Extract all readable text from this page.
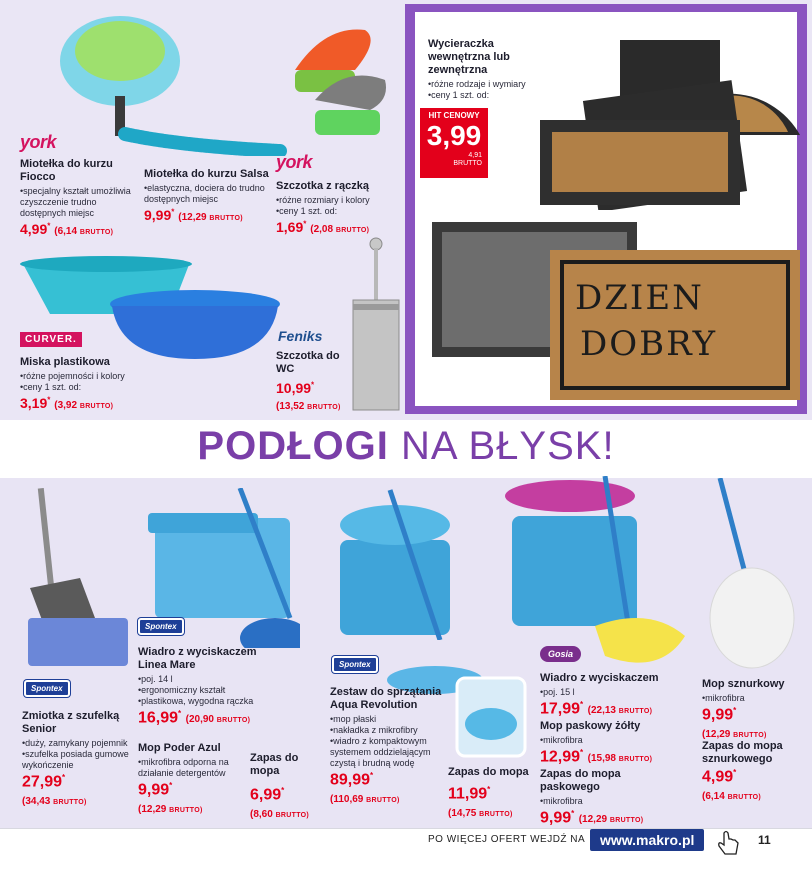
york
york
CURVER.	Feniks
Miotełka do kurzu Fiocco
• specjalny kształt umożliwia czyszczenie trudno dostępnych miejsc
4,99* (6,14 BRUTTO)
Miotełka do kurzu Salsa
• elastyczna, dociera do trudno dostępnych miejsc
9,99* (12,29 BRUTTO)
Szczotka z rączką
• różne rozmiary i kolory
• ceny 1 szt. od:
1,69* (2,08 BRUTTO)
Miska plastikowa
• różne pojemności i kolory
• ceny 1 szt. od:
3,19* (3,92 BRUTTO)
Szczotka do WC
10,99*
(13,52 BRUTTO)
Wycieraczka wewnętrzna lub zewnętrzna
• różne rodzaje i wymiary
• ceny 1 szt. od:
HIT CENOWY
3,99
4,91
BRUTTO
DZIEN
DOBRY
PODŁOGI NA BŁYSK!
Spontex
Spontex
Spontex
Gosia
Zmiotka z szufelką Senior
• duży, zamykany pojemnik
• szufelka posiada gumowe wykończenie
27,99*
(34,43 BRUTTO)
Wiadro z wyciskaczem Linea Mare
• poj. 14 l
• ergonomiczny kształt
• plastikowa, wygodna rączka
16,99* (20,90 BRUTTO)
Mop Poder Azul
• mikrofibra odporna na działanie detergentów
9,99*
(12,29 BRUTTO)
Zapas do mopa
6,99*
(8,60 BRUTTO)
Zestaw do sprzątania Aqua Revolution
• mop płaski
• nakładka z mikrofibry
• wiadro z kompaktowym systemem oddzielającym czystą i brudną wodę
89,99*
(110,69 BRUTTO)
Zapas do mopa
11,99*
(14,75 BRUTTO)
Wiadro z wyciskaczem
• poj. 15 l
17,99* (22,13 BRUTTO)
Mop paskowy żółty
• mikrofibra
12,99* (15,98 BRUTTO)
Zapas do mopa paskowego
• mikrofibra
9,99* (12,29 BRUTTO)
Mop sznurkowy
• mikrofibra
9,99*
(12,29 BRUTTO)
Zapas do mopa sznurkowego
4,99*
(6,14 BRUTTO)
PO WIĘCEJ OFERT WEJDŹ NA	www.makro.pl	11
